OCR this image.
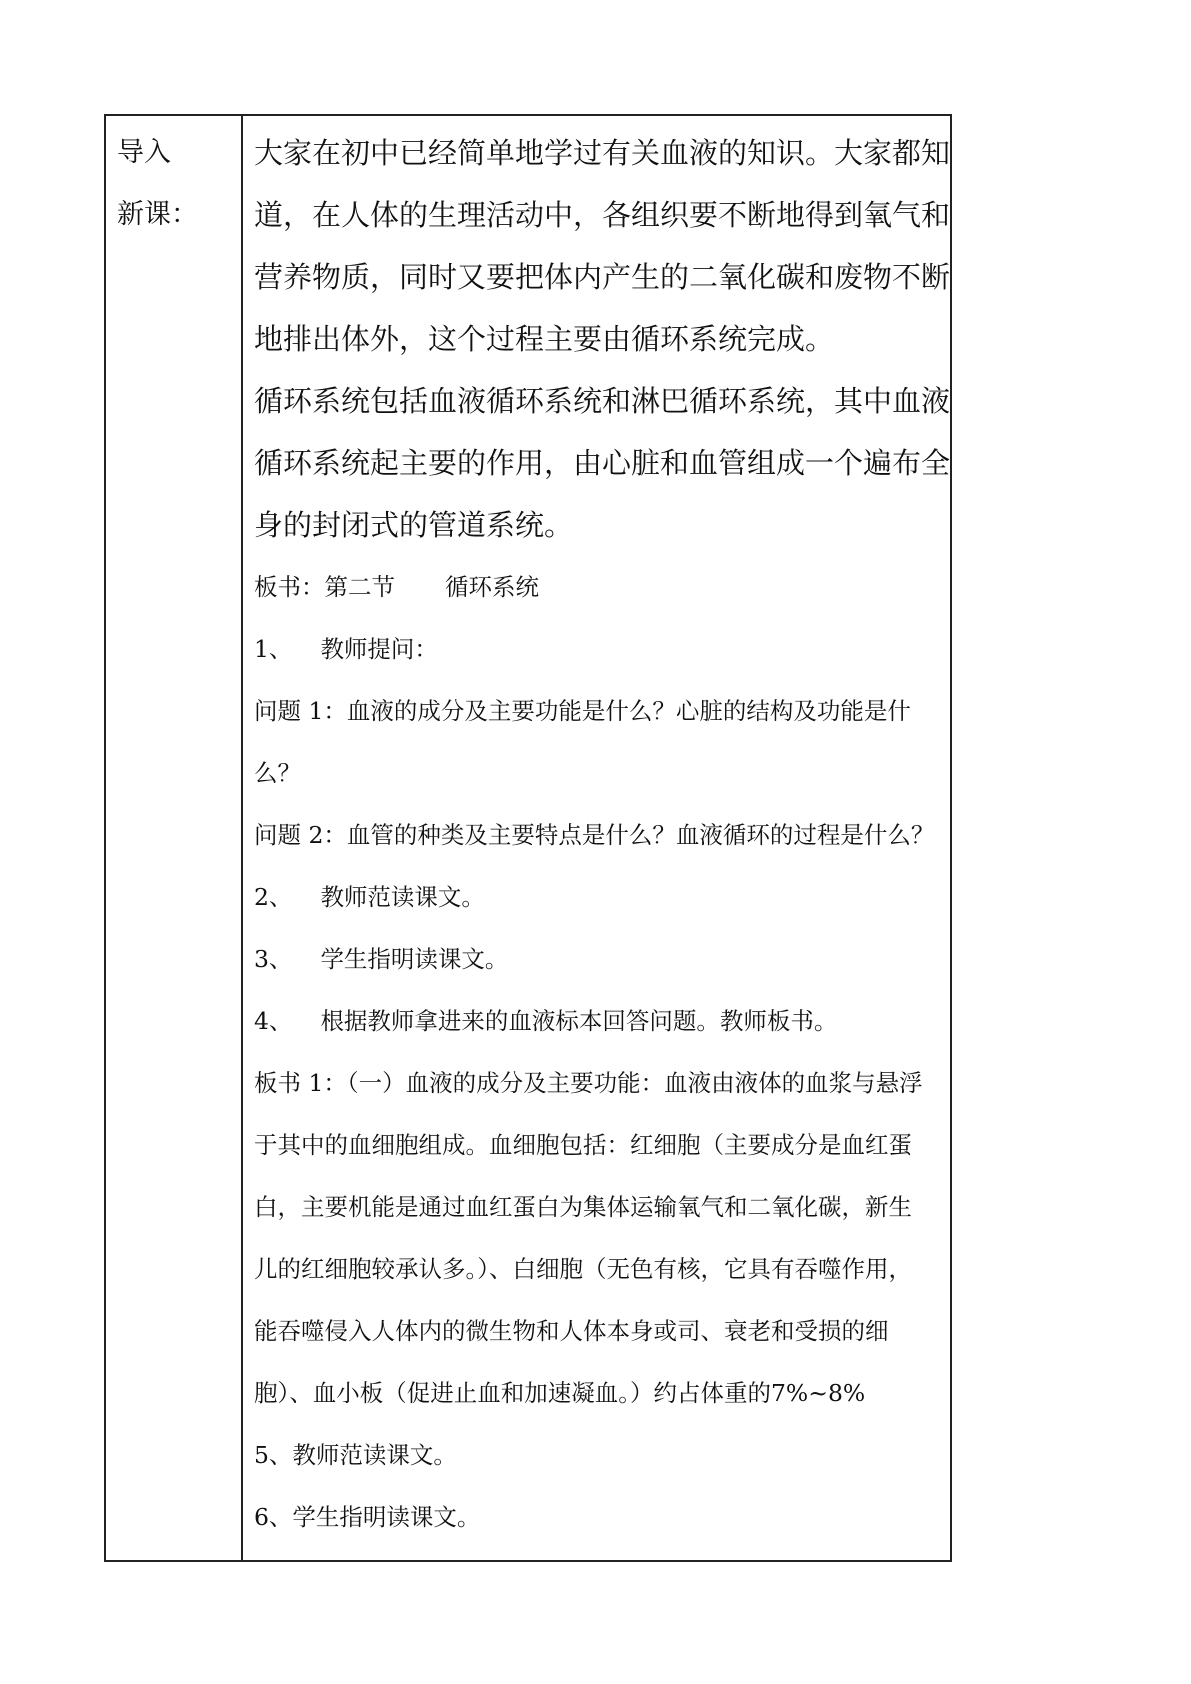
导入
新课：
大家在初中已经简单地学过有关血液的知识。大家都知
道，在人体的生理活动中，各组织要不断地得到氧气和
营养物质，同时又要把体内产生的二氧化碳和废物不断
地排出体外，这个过程主要由循环系统完成。
循环系统包括血液循环系统和淋巴循环系统，其中血液
循环系统起主要的作用，由心脏和血管组成一个遍布全
身的封闭式的管道系统。
板书：第二节 循环系统
1、 教师提问：
问题 1：血液的成分及主要功能是什么？心脏的结构及功能是什
么？
问题 2：血管的种类及主要特点是什么？血液循环的过程是什么？
2、 教师范读课文。
3、 学生指明读课文。
4、 根据教师拿进来的血液标本回答问题。教师板书。
板书 1：（一）血液的成分及主要功能：血液由液体的血浆与悬浮
于其中的血细胞组成。血细胞包括：红细胞（主要成分是血红蛋
白，主要机能是通过血红蛋白为集体运输氧气和二氧化碳，新生
儿的红细胞较承认多。）、白细胞（无色有核，它具有吞噬作用，
能吞噬侵入人体内的微生物和人体本身或司、衰老和受损的细
胞）、血小板（促进止血和加速凝血。）约占体重的7%~8%
5、教师范读课文。
6、学生指明读课文。
